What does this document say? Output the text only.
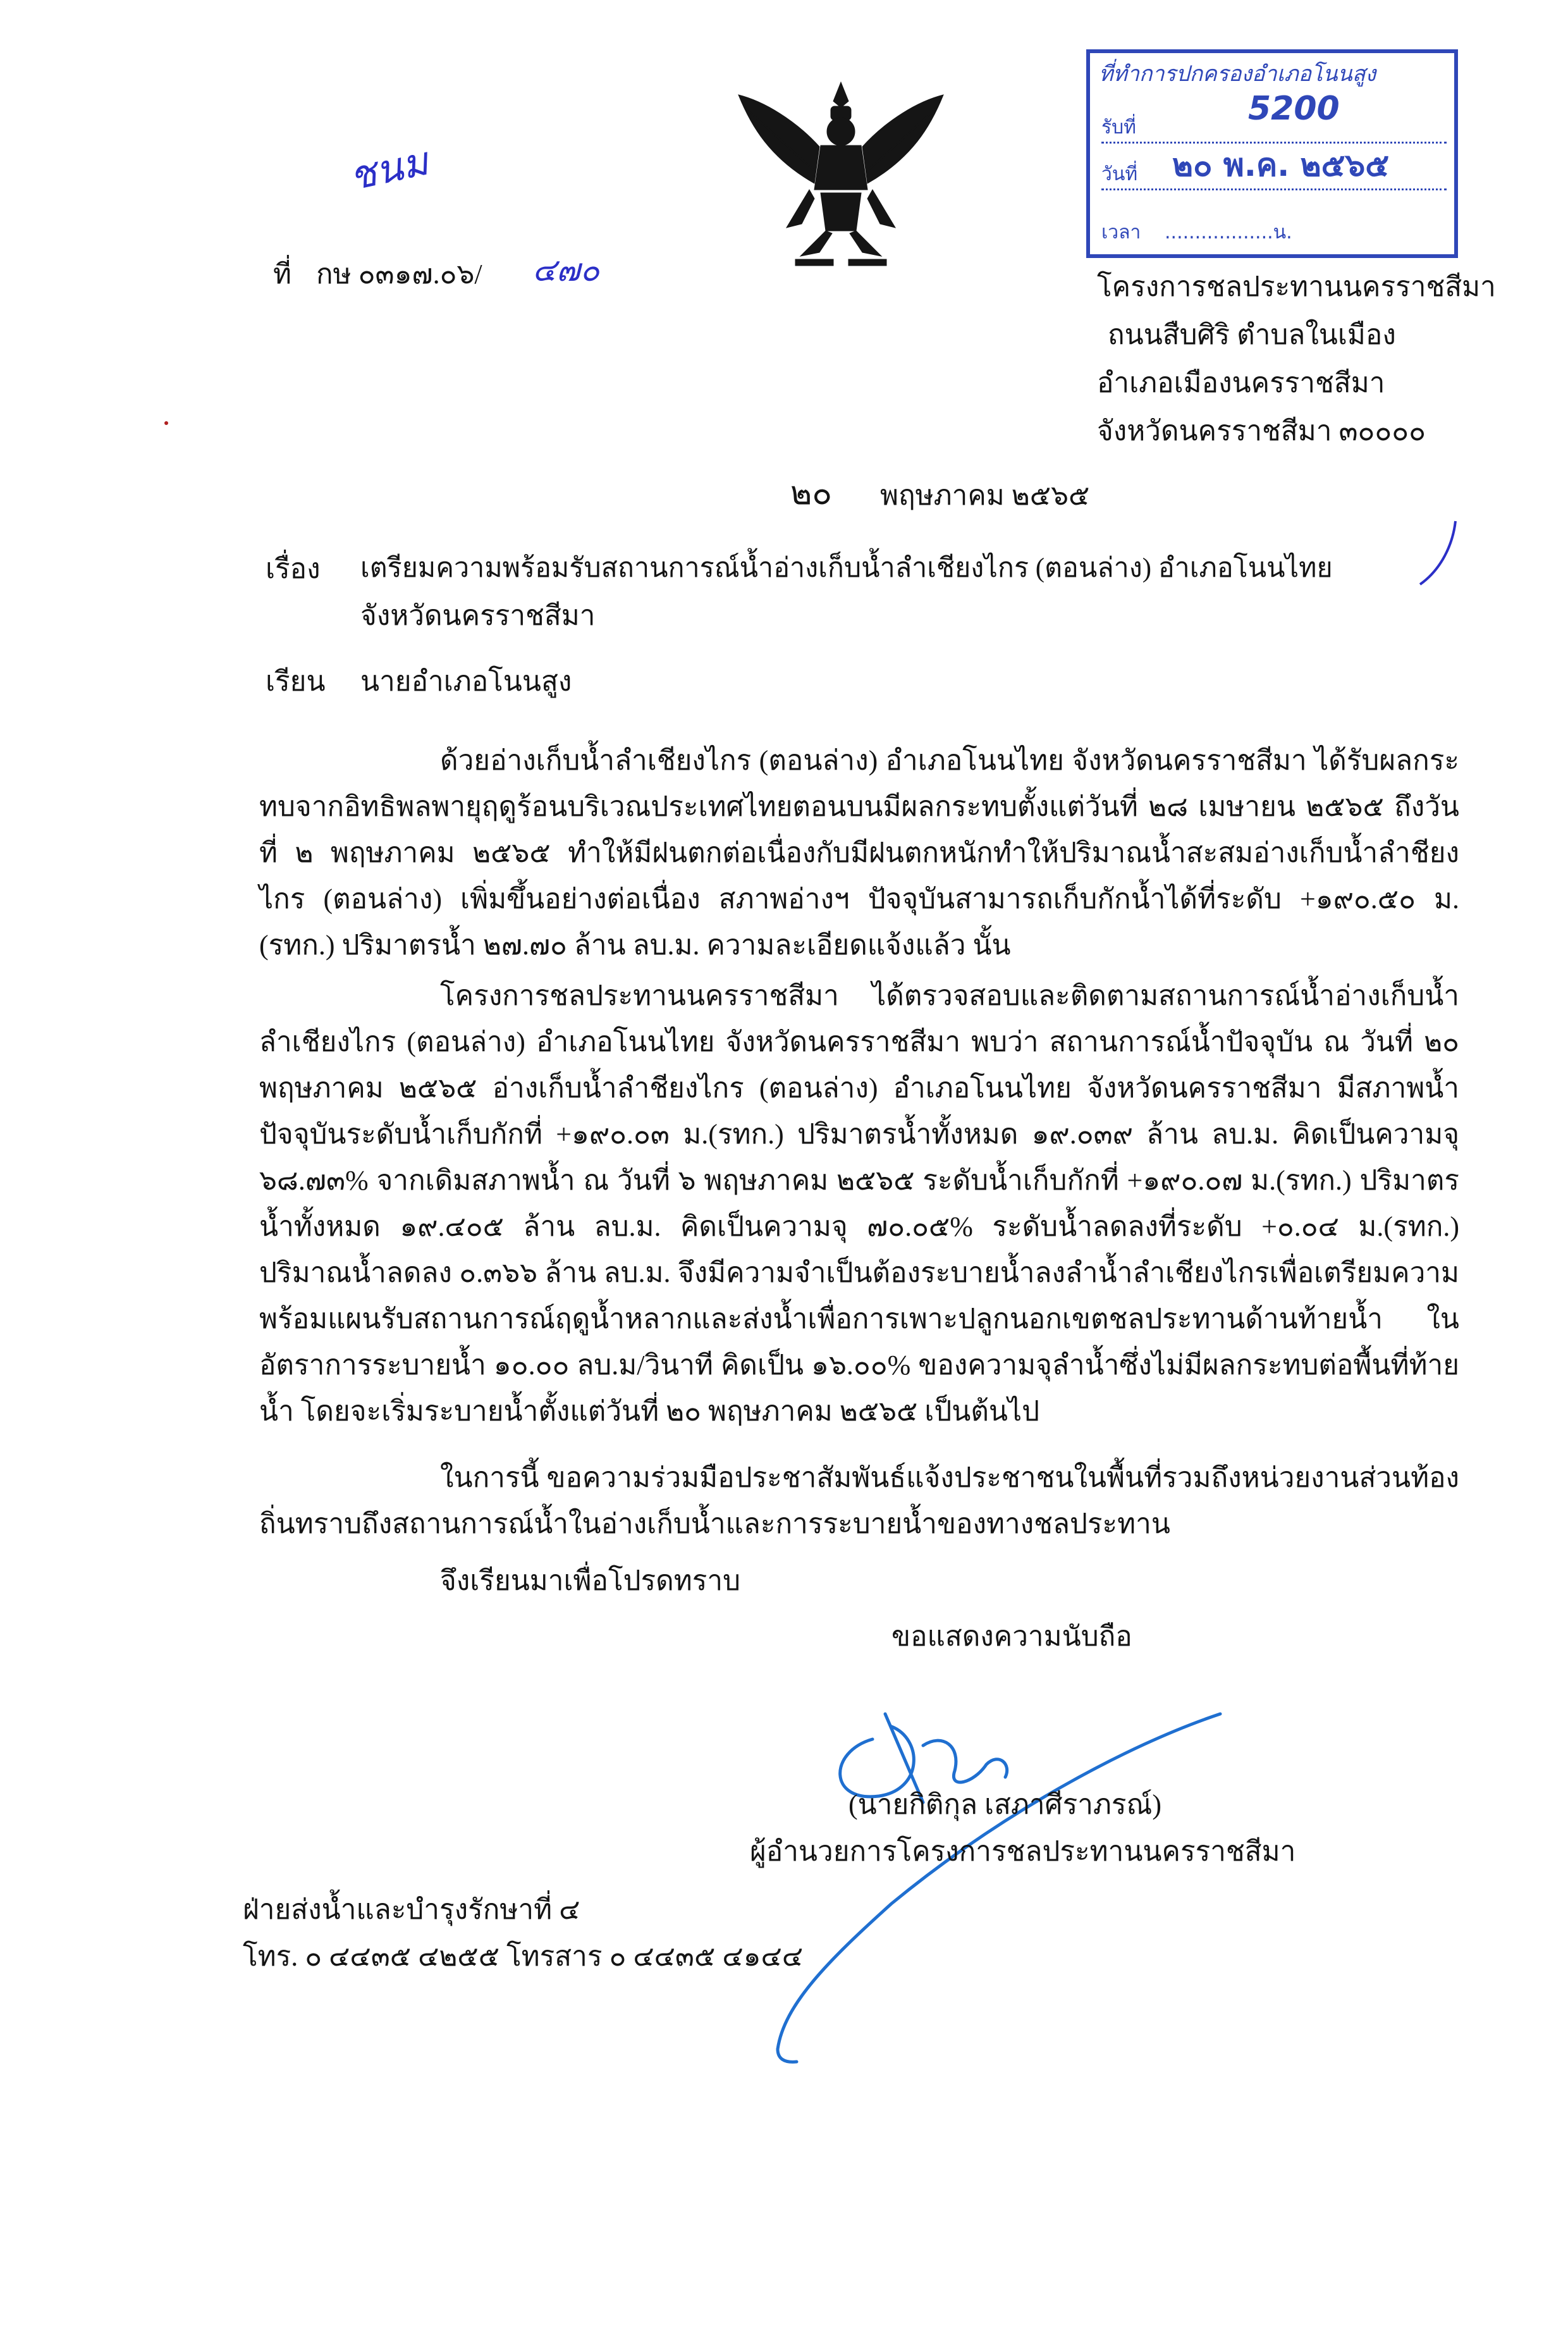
ชนม
ที่ทำการปกครองอำเภอโนนสูง
รับที่	5200
วันที่ ๒๐ พ.ค. ๒๕๖๕
เวลา ..................น.
ที่ กษ ๐๓๑๗.๐๖/ ๔๗๐	โครงการชลประทานนครราชสีมา
ถนนสืบศิริ ตำบลในเมือง
อำเภอเมืองนครราชสีมา
จังหวัดนครราชสีมา ๓๐๐๐๐
๒๐ พฤษภาคม ๒๕๖๕
เรื่อง เตรียมความพร้อมรับสถานการณ์น้ำอ่างเก็บน้ำลำเชียงไกร (ตอนล่าง) อำเภอโนนไทย
จังหวัดนครราชสีมา
เรียน นายอำเภอโนนสูง

ด้วยอ่างเก็บน้ำลำเชียงไกร (ตอนล่าง) อำเภอโนนไทย จังหวัดนครราชสีมา ได้รับผลกระทบจากอิทธิพลพายุฤดูร้อนบริเวณประเทศไทยตอนบนมีผลกระทบตั้งแต่วันที่ ๒๘ เมษายน ๒๕๖๕ ถึงวันที่ ๒ พฤษภาคม ๒๕๖๕ ทำให้มีฝนตกต่อเนื่องกับมีฝนตกหนักทำให้ปริมาณน้ำสะสมอ่างเก็บน้ำลำชียงไกร (ตอนล่าง) เพิ่มขึ้นอย่างต่อเนื่อง สภาพอ่างฯ ปัจจุบันสามารถเก็บกักน้ำได้ที่ระดับ +๑๙๐.๕๐ ม.(รทก.) ปริมาตรน้ำ ๒๗.๗๐ ล้าน ลบ.ม. ความละเอียดแจ้งแล้ว นั้น

โครงการชลประทานนครราชสีมา ได้ตรวจสอบและติดตามสถานการณ์น้ำอ่างเก็บน้ำลำเชียงไกร (ตอนล่าง) อำเภอโนนไทย จังหวัดนครราชสีมา พบว่า สถานการณ์น้ำปัจจุบัน ณ วันที่ ๒๐ พฤษภาคม ๒๕๖๕ อ่างเก็บน้ำลำชียงไกร (ตอนล่าง) อำเภอโนนไทย จังหวัดนครราชสีมา มีสภาพน้ำปัจจุบันระดับน้ำเก็บกักที่ +๑๙๐.๐๓ ม.(รทก.) ปริมาตรน้ำทั้งหมด ๑๙.๐๓๙ ล้าน ลบ.ม. คิดเป็นความจุ ๖๘.๗๓% จากเดิมสภาพน้ำ ณ วันที่ ๖ พฤษภาคม ๒๕๖๕ ระดับน้ำเก็บกักที่ +๑๙๐.๐๗ ม.(รทก.) ปริมาตรน้ำทั้งหมด ๑๙.๔๐๕ ล้าน ลบ.ม. คิดเป็นความจุ ๗๐.๐๕% ระดับน้ำลดลงที่ระดับ +๐.๐๔ ม.(รทก.) ปริมาณน้ำลดลง ๐.๓๖๖ ล้าน ลบ.ม. จึงมีความจำเป็นต้องระบายน้ำลงลำน้ำลำเชียงไกรเพื่อเตรียมความพร้อมแผนรับสถานการณ์ฤดูน้ำหลากและส่งน้ำเพื่อการเพาะปลูกนอกเขตชลประทานด้านท้ายน้ำ ในอัตราการระบายน้ำ ๑๐.๐๐ ลบ.ม/วินาที คิดเป็น ๑๖.๐๐% ของความจุลำน้ำซึ่งไม่มีผลกระทบต่อพื้นที่ท้ายน้ำ โดยจะเริ่มระบายน้ำตั้งแต่วันที่ ๒๐ พฤษภาคม ๒๕๖๕ เป็นต้นไป

ในการนี้ ขอความร่วมมือประชาสัมพันธ์แจ้งประชาชนในพื้นที่รวมถึงหน่วยงานส่วนท้องถิ่นทราบถึงสถานการณ์น้ำในอ่างเก็บน้ำและการระบายน้ำของทางชลประทาน

จึงเรียนมาเพื่อโปรดทราบ
ขอแสดงความนับถือ
(นายกิติกุล เสภาศีราภรณ์)
ผู้อำนวยการโครงการชลประทานนครราชสีมา
ฝ่ายส่งน้ำและบำรุงรักษาที่ ๔
โทร. ๐ ๔๔๓๕ ๔๒๕๕ โทรสาร ๐ ๔๔๓๕ ๔๑๔๔
